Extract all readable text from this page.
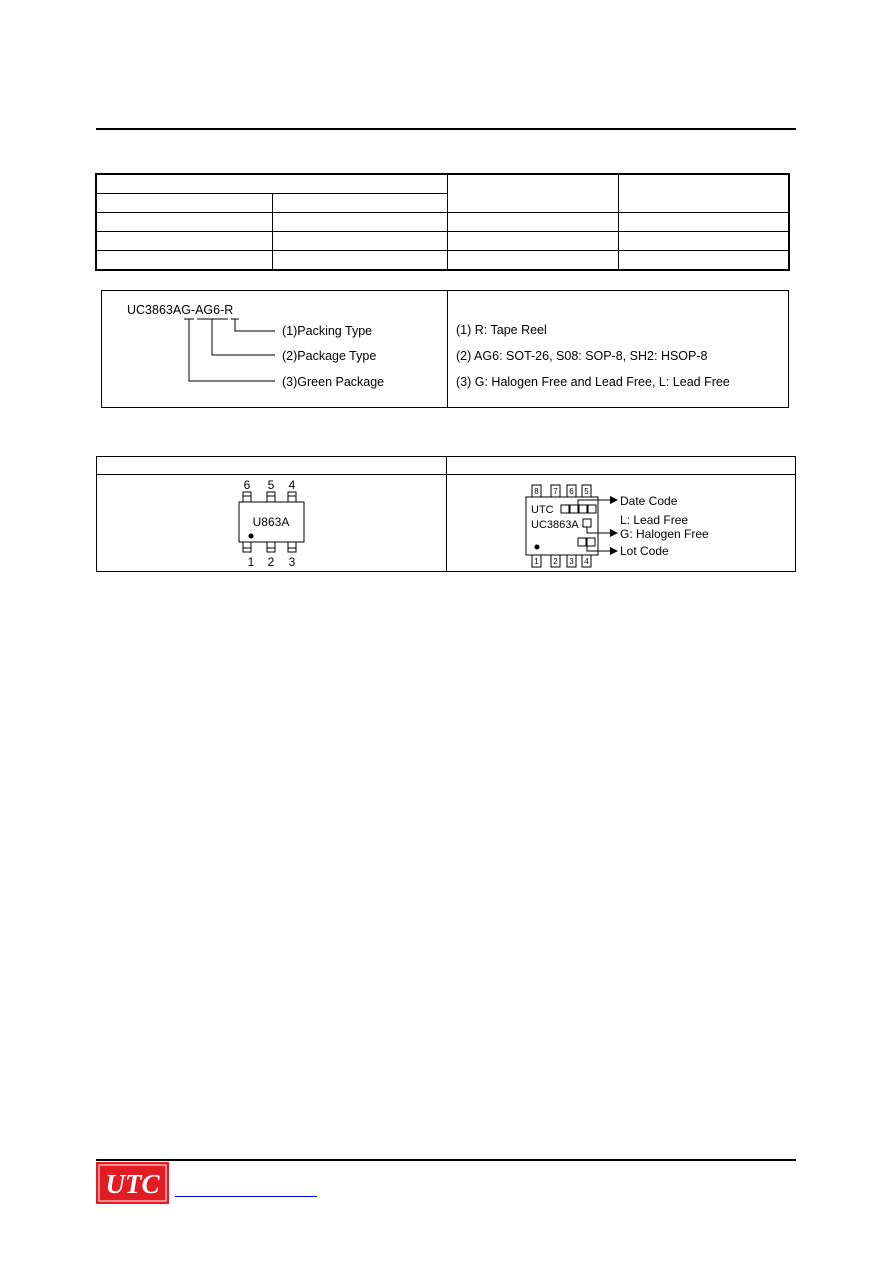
UC3863AG-AG6-R
(1)Packing Type
(2)Package Type
(3)Green Package
(1) R: Tape Reel
(2) AG6: SOT-26, S08: SOP-8, SH2: HSOP-8
(3) G: Halogen Free and Lead Free, L: Lead Free
6 5 4
U863A
1 2 3
8 7 6 5
1 2 3 4
UTC
UC3863A
Date Code
L: Lead Free
G: Halogen Free
Lot Code
UTC
